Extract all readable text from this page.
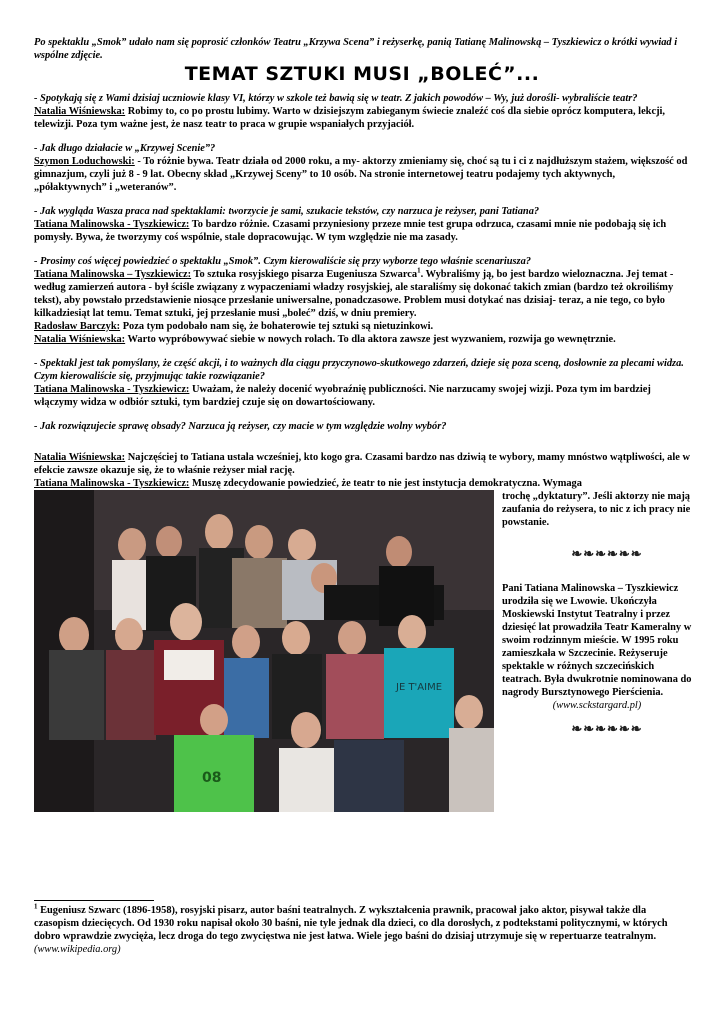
Po spektaklu „Smok” udało nam się poprosić członków Teatru „Krzywa Scena” i reżyserkę, panią Tatianę Malinowską – Tyszkiewicz o krótki wywiad i wspólne zdjęcie.

TEMAT SZTUKI MUSI „BOLEĆ”...

- Spotykają się z Wami dzisiaj uczniowie klasy VI, którzy w szkole też bawią się w teatr. Z jakich powodów – Wy, już dorośli- wybraliście teatr?

Natalia Wiśniewska: Robimy to, co po prostu lubimy. Warto w dzisiejszym zabieganym świecie znaleźć coś dla siebie oprócz komputera, lekcji, telewizji. Poza tym ważne jest, że nasz teatr to praca w grupie wspaniałych przyjaciół.

- Jak długo działacie w „Krzywej Scenie”?

Szymon Loduchowski: - To różnie bywa. Teatr działa od 2000 roku, a my- aktorzy zmieniamy się, choć są tu i ci z najdłuższym stażem, większość od gimnazjum, czyli już 8 - 9 lat. Obecny skład „Krzywej Sceny” to 10 osób. Na stronie internetowej teatru podajemy tych aktywnych, „półaktywnych” i „weteranów”.

- Jak wygląda Wasza praca nad spektaklami: tworzycie je sami, szukacie tekstów, czy narzuca je reżyser, pani Tatiana?

Tatiana Malinowska - Tyszkiewicz: To bardzo różnie. Czasami przyniesiony przeze mnie test grupa odrzuca, czasami mnie nie podobają się ich pomysły. Bywa, że tworzymy coś wspólnie, stale dopracowując. W tym względzie nie ma zasady.

- Prosimy coś więcej powiedzieć o spektaklu „Smok”. Czym kierowaliście się przy wyborze tego właśnie scenariusza?

Tatiana Malinowska – Tyszkiewicz: To sztuka rosyjskiego pisarza Eugeniusza Szwarca$^1$. Wybraliśmy ją, bo jest bardzo wieloznaczna. Jej temat - według zamierzeń autora - był ściśle związany z wypaczeniami władzy rosyjskiej, ale staraliśmy się dokonać takich zmian (bardzo też okroiliśmy tekst), aby powstało przedstawienie niosące przesłanie uniwersalne, ponadczasowe. Problem musi dotykać nas dzisiaj- teraz, a nie tego, co było kilkadziesiąt lat temu. Temat sztuki, jej przesłanie musi „boleć” dziś, w dniu premiery.

Radosław Barczyk: Poza tym podobało nam się, że bohaterowie tej sztuki są nietuzinkowi.

Natalia Wiśniewska: Warto wypróbowywać siebie w nowych rolach. To dla aktora zawsze jest wyzwaniem, rozwija go wewnętrznie.

- Spektakl jest tak pomyślany, że część akcji, i to ważnych dla ciągu przyczynowo-skutkowego zdarzeń, dzieje się poza sceną, dosłownie za plecami widza. Czym kierowaliście się, przyjmując takie rozwiązanie?

Tatiana Malinowska - Tyszkiewicz: Uważam, że należy docenić wyobraźnię publiczności. Nie narzucamy swojej wizji. Poza tym im bardziej włączymy widza w odbiór sztuki, tym bardziej czuje się on dowartościowany.

- Jak rozwiązujecie sprawę obsady? Narzuca ją reżyser, czy macie w tym względzie wolny wybór?

Natalia Wiśniewska: Najczęściej to Tatiana ustala wcześniej, kto kogo gra. Czasami bardzo nas dziwią te wybory, mamy mnóstwo wątpliwości, ale w efekcie zawsze okazuje się, że to właśnie reżyser miał rację.

Tatiana Malinowska - Tyszkiewicz: Muszę zdecydowanie powiedzieć, że teatr to nie jest instytucja demokratyczna. Wymaga

JE T'AIME
08
trochę „dyktatury”. Jeśli aktorzy nie mają zaufania do reżysera, to nic z ich pracy nie powstanie.
❧❧❧❧❧❧
Pani Tatiana Malinowska – Tyszkiewicz urodziła się we Lwowie. Ukończyła Moskiewski Instytut Teatralny i przez dziesięć lat prowadziła Teatr Kameralny w swoim rodzinnym mieście. W 1995 roku zamieszkała w Szczecinie. Reżyseruje spektakle w różnych szczecińskich teatrach. Była dwukrotnie nominowana do nagrody Bursztynowego Pierścienia.
(www.sckstargard.pl)
❧❧❧❧❧❧
$^1$ Eugeniusz Szwarc (1896-1958), rosyjski pisarz, autor baśni teatralnych. Z wykształcenia prawnik, pracował jako aktor, pisywał także dla czasopism dziecięcych. Od 1930 roku napisał około 30 baśni, nie tyle jednak dla dzieci, co dla dorosłych, z podtekstami politycznymi, w których dobro wprawdzie zwycięża, lecz droga do tego zwycięstwa nie jest łatwa. Wiele jego baśni do dzisiaj utrzymuje się w repertuarze teatralnym. (www.wikipedia.org)
